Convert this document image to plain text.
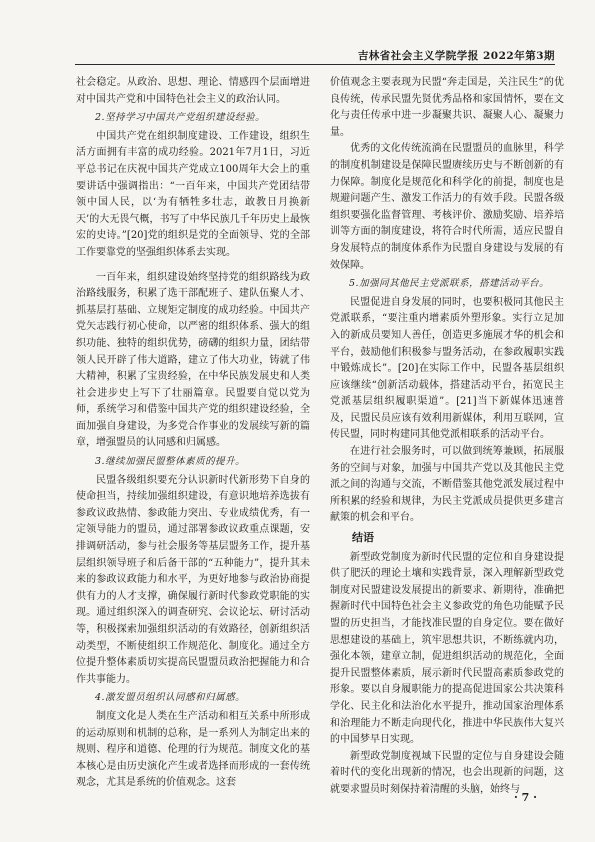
吉林省社会主义学院学报 2022年第3期

社会稳定。从政治、思想、理论、情感四个层面增进对中国共产党和中国特色社会主义的政治认同。

2.坚持学习中国共产党组织建设经验。

中国共产党在组织制度建设、工作建设，组织生活方面拥有丰富的成功经验。2021年7月1日，习近平总书记在庆祝中国共产党成立100周年大会上的重要讲话中强调指出：“一百年来，中国共产党团结带领中国人民，以‘为有牺牲多壮志，敢教日月换新天’的大无畏气概，书写了中华民族几千年历史上最恢宏的史诗。”[20]党的组织是党的全面领导、党的全部工作要靠党的坚强组织体系去实现。

一百年来，组织建设始终坚持党的组织路线为政治路线服务，积累了选干部配班子、建队伍聚人才、抓基层打基础、立规矩定制度的成功经验。中国共产党矢志践行初心使命，以严密的组织体系、强大的组织功能、独特的组织优势，磅礴的组织力量，团结带领人民开辟了伟大道路，建立了伟大功业，铸就了伟大精神，积累了宝贵经验，在中华民族发展史和人类社会进步史上写下了壮丽篇章。民盟要自觉以党为师，系统学习和借鉴中国共产党的组织建设经验，全面加强自身建设，为多党合作事业的发展续写新的篇章，增强盟员的认同感和归属感。

3.继续加强民盟整体素质的提升。

民盟各级组织要充分认识新时代新形势下自身的使命担当，持续加强组织建设，有意识地培养选拔有参政议政热情、参政能力突出、专业成绩优秀，有一定领导能力的盟员，通过部署参政议政重点课题，安排调研活动，参与社会服务等基层盟务工作，提升基层组织领导班子和后备干部的“五种能力”，提升其未来的参政议政能力和水平，为更好地参与政治协商提供有力的人才支撑，确保履行新时代参政党职能的实现。通过组织深入的调查研究、会议论坛、研讨活动等，积极探索加强组织活动的有效路径，创新组织活动类型，不断使组织工作规范化、制度化。通过全方位提升整体素质切实提高民盟盟员政治把握能力和合作共事能力。

4.激发盟员组织认同感和归属感。

制度文化是人类在生产活动和相互关系中所形成的运动原则和机制的总称，是一系列人为制定出来的规则、程序和道德、伦理的行为规范。制度文化的基本核心是由历史演化产生或者选择而形成的一套传统观念，尤其是系统的价值观念。这套

价值观念主要表现为民盟“奔走国是，关注民生”的优良传统，传承民盟先贤优秀品格和家国情怀，要在文化与责任传承中进一步凝聚共识、凝聚人心、凝聚力量。

优秀的文化传统流淌在民盟盟员的血脉里，科学的制度机制建设是保障民盟赓续历史与不断创新的有力保障。制度化是规范化和科学化的前提，制度也是规避问题产生、激发工作活力的有效手段。民盟各级组织要强化监督管理、考核评价、激励奖励、培养培训等方面的制度建设，将符合时代所需，适应民盟自身发展特点的制度体系作为民盟自身建设与发展的有效保障。

5.加强同其他民主党派联系，搭建活动平台。

民盟促进自身发展的同时，也要积极同其他民主党派联系，“要注重内增素质外塑形象。实行立足加入的新成员要知人善任，创造更多施展才华的机会和平台，鼓励他们积极参与盟务活动，在参政履职实践中锻炼成长”。[20]在实际工作中，民盟各基层组织应该继续“创新活动载体，搭建活动平台，拓宽民主党派基层组织履职渠道”。[21]当下新媒体迅速普及，民盟民员应该有效利用新媒体，利用互联网，宣传民盟，同时构建同其他党派相联系的活动平台。

在进行社会服务时，可以做到统筹兼顾，拓展服务的空间与对象，加强与中国共产党以及其他民主党派之间的沟通与交流，不断借鉴其他党派发展过程中所积累的经验和规律，为民主党派成员提供更多建言献策的机会和平台。

结语

新型政党制度为新时代民盟的定位和自身建设提供了肥沃的理论土壤和实践背景，深入理解新型政党制度对民盟建设发展提出的新要求、新期待，准确把握新时代中国特色社会主义参政党的角色功能赋予民盟的历史担当，才能找准民盟的自身定位。要在做好思想建设的基础上，筑牢思想共识，不断练就内功，强化本领，建章立制，促进组织活动的规范化，全面提升民盟整体素质，展示新时代民盟高素质参政党的形象。要以自身履职能力的提高促进国家公共决策科学化、民主化和法治化水平提升，推动国家治理体系和治理能力不断走向现代化，推进中华民族伟大复兴的中国梦早日实现。

新型政党制度视域下民盟的定位与自身建设会随着时代的变化出现新的情况，也会出现新的问题，这就要求盟员时刻保持着清醒的头脑，始终与

· 7 ·
